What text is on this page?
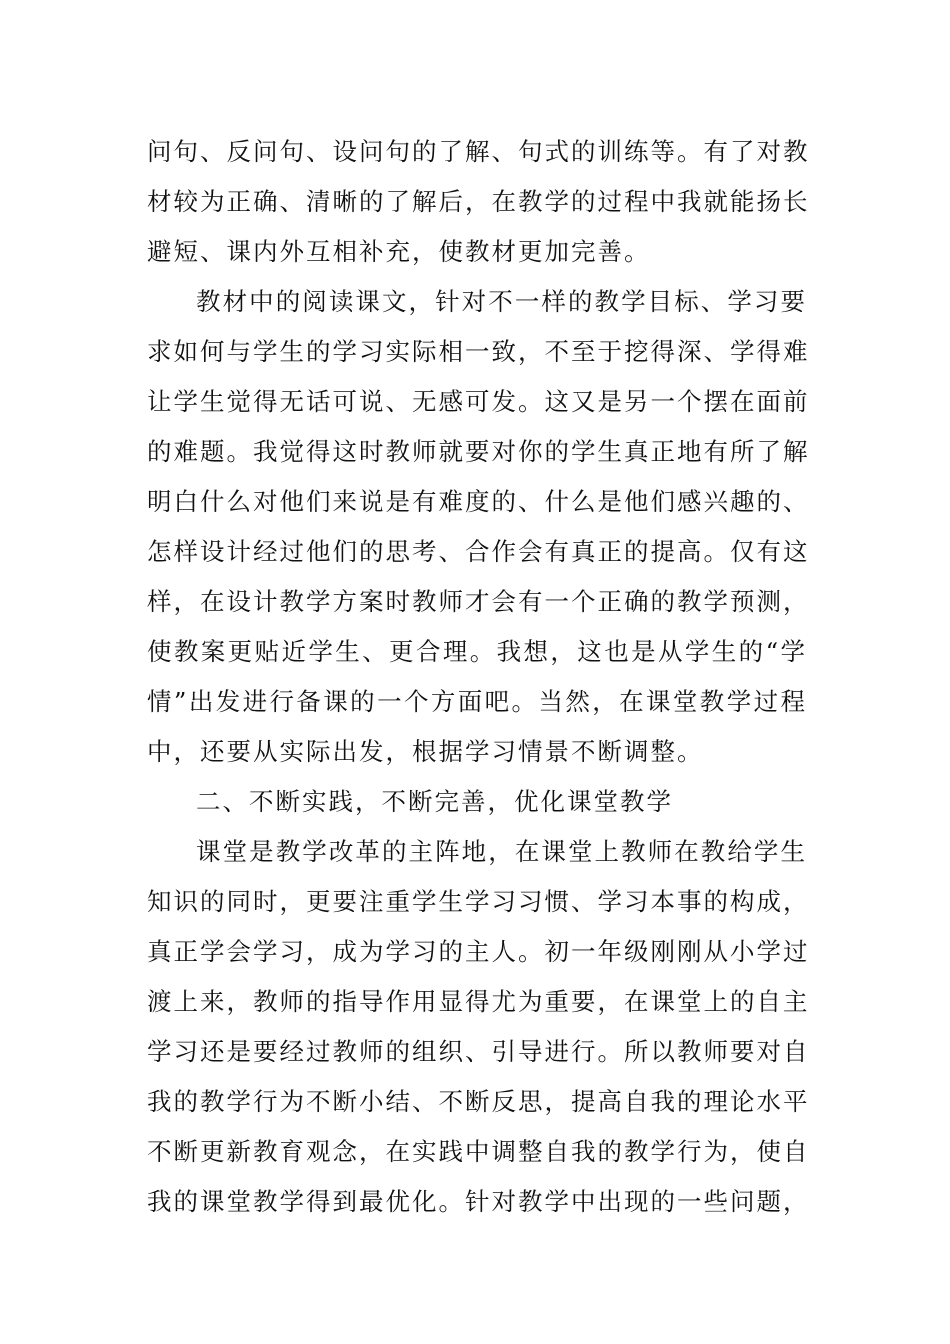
问句、反问句、设问句的了解、句式的训练等。有了对教
材较为正确、清晰的了解后，在教学的过程中我就能扬长
避短、课内外互相补充，使教材更加完善。
教材中的阅读课文，针对不一样的教学目标、学习要
求如何与学生的学习实际相一致，不至于挖得深、学得难
让学生觉得无话可说、无感可发。这又是另一个摆在面前
的难题。我觉得这时教师就要对你的学生真正地有所了解
明白什么对他们来说是有难度的、什么是他们感兴趣的、
怎样设计经过他们的思考、合作会有真正的提高。仅有这
样，在设计教学方案时教师才会有一个正确的教学预测，
使教案更贴近学生、更合理。我想，这也是从学生的“学
情”出发进行备课的一个方面吧。当然，在课堂教学过程
中，还要从实际出发，根据学习情景不断调整。
二、不断实践，不断完善，优化课堂教学
课堂是教学改革的主阵地，在课堂上教师在教给学生
知识的同时，更要注重学生学习习惯、学习本事的构成，
真正学会学习，成为学习的主人。初一年级刚刚从小学过
渡上来，教师的指导作用显得尤为重要，在课堂上的自主
学习还是要经过教师的组织、引导进行。所以教师要对自
我的教学行为不断小结、不断反思，提高自我的理论水平
不断更新教育观念，在实践中调整自我的教学行为，使自
我的课堂教学得到最优化。针对教学中出现的一些问题，
